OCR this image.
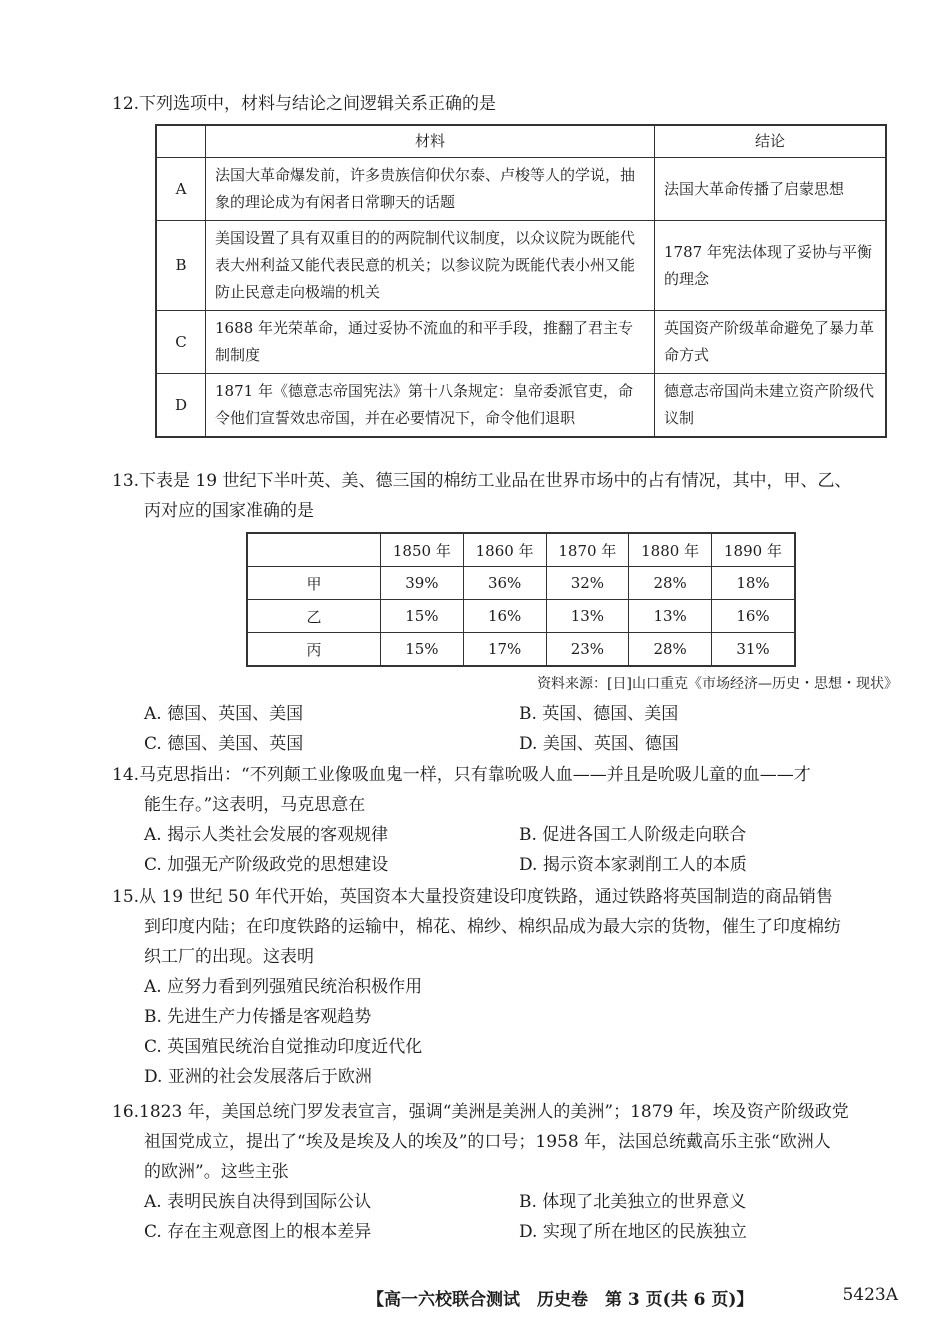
12.下列选项中，材料与结论之间逻辑关系正确的是
	材料	结论
A	法国大革命爆发前，许多贵族信仰伏尔泰、卢梭等人的学说，抽象的理论成为有闲者日常聊天的话题	法国大革命传播了启蒙思想
B	美国设置了具有双重目的的两院制代议制度，以众议院为既能代表大州利益又能代表民意的机关；以参议院为既能代表小州又能防止民意走向极端的机关	1787 年宪法体现了妥协与平衡的理念
C	1688 年光荣革命，通过妥协不流血的和平手段，推翻了君主专制制度	英国资产阶级革命避免了暴力革命方式
D	1871 年《德意志帝国宪法》第十八条规定：皇帝委派官吏，命令他们宣誓效忠帝国，并在必要情况下，命令他们退职	德意志帝国尚未建立资产阶级代议制
13.下表是 19 世纪下半叶英、美、德三国的棉纺工业品在世界市场中的占有情况，其中，甲、乙、
丙对应的国家准确的是
	1850 年	1860 年	1870 年	1880 年	1890 年
甲	39%	36%	32%	28%	18%
乙	15%	16%	13%	13%	16%
丙	15%	17%	23%	28%	31%
资料来源：[日]山口重克《市场经济—历史・思想・现状》
A. 德国、英国、美国	B. 英国、德国、美国
C. 德国、美国、英国	D. 美国、英国、德国
14.马克思指出：“不列颠工业像吸血鬼一样，只有靠吮吸人血——并且是吮吸儿童的血——才
能生存。”这表明，马克思意在
A. 揭示人类社会发展的客观规律	B. 促进各国工人阶级走向联合
C. 加强无产阶级政党的思想建设	D. 揭示资本家剥削工人的本质
15.从 19 世纪 50 年代开始，英国资本大量投资建设印度铁路，通过铁路将英国制造的商品销售
到印度内陆；在印度铁路的运输中，棉花、棉纱、棉织品成为最大宗的货物，催生了印度棉纺
织工厂的出现。这表明
A. 应努力看到列强殖民统治积极作用
B. 先进生产力传播是客观趋势
C. 英国殖民统治自觉推动印度近代化
D. 亚洲的社会发展落后于欧洲
16.1823 年，美国总统门罗发表宣言，强调“美洲是美洲人的美洲”；1879 年，埃及资产阶级政党
祖国党成立，提出了“埃及是埃及人的埃及”的口号；1958 年，法国总统戴高乐主张“欧洲人
的欧洲”。这些主张
A. 表明民族自决得到国际公认	B. 体现了北美独立的世界意义
C. 存在主观意图上的根本差异	D. 实现了所在地区的民族独立
【高一六校联合测试　历史卷　第 3 页(共 6 页)】	5423A
